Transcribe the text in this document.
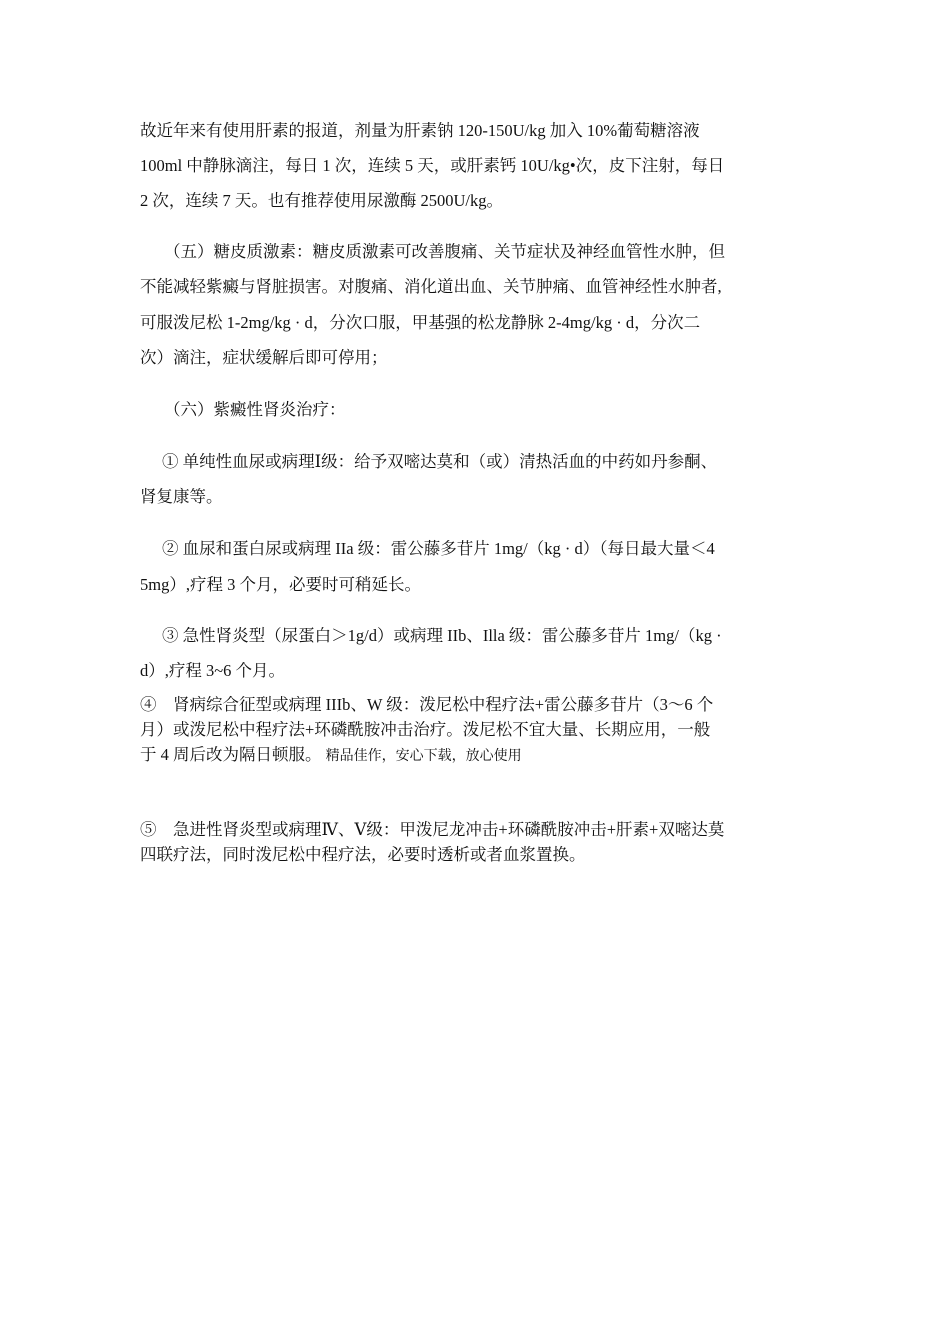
故近年来有使用肝素的报道，剂量为肝素钠 120-150U/kg 加入 10%葡萄糖溶液
100ml 中静脉滴注，每日 1 次，连续 5 天，或肝素钙 10U/kg•次，皮下注射，每日
2 次，连续 7 天。也有推荐使用尿激酶 2500U/kg。
（五）糖皮质激素：糖皮质激素可改善腹痛、关节症状及神经血管性水肿，但
不能减轻紫癜与肾脏损害。对腹痛、消化道出血、关节肿痛、血管神经性水肿者,
可服泼尼松 1-2mg/kg · d，分次口服，甲基强的松龙静脉 2-4mg/kg · d，分次二
次）滴注，症状缓解后即可停用；
（六）紫癜性肾炎治疗：
① 单纯性血尿或病理Ⅰ级：给予双嘧达莫和（或）清热活血的中药如丹参酮、
肾复康等。
② 血尿和蛋白尿或病理 IIa 级：雷公藤多苷片 1mg/（kg · d）（每日最大量＜4
5mg）,疗程 3 个月，必要时可稍延长。
③ 急性肾炎型（尿蛋白＞1g/d）或病理 IIb、Illa 级：雷公藤多苷片 1mg/（kg ·
d）,疗程 3~6 个月。
④　肾病综合征型或病理 IIIb、W 级：泼尼松中程疗法+雷公藤多苷片（3〜6 个
月）或泼尼松中程疗法+环磷酰胺冲击治疗。泼尼松不宜大量、长期应用，一般
于 4 周后改为隔日顿服。 精品佳作，安心下载，放心使用
⑤　急进性肾炎型或病理Ⅳ、Ⅴ级：甲泼尼龙冲击+环磷酰胺冲击+肝素+双嘧达莫
四联疗法，同时泼尼松中程疗法，必要时透析或者血浆置换。
